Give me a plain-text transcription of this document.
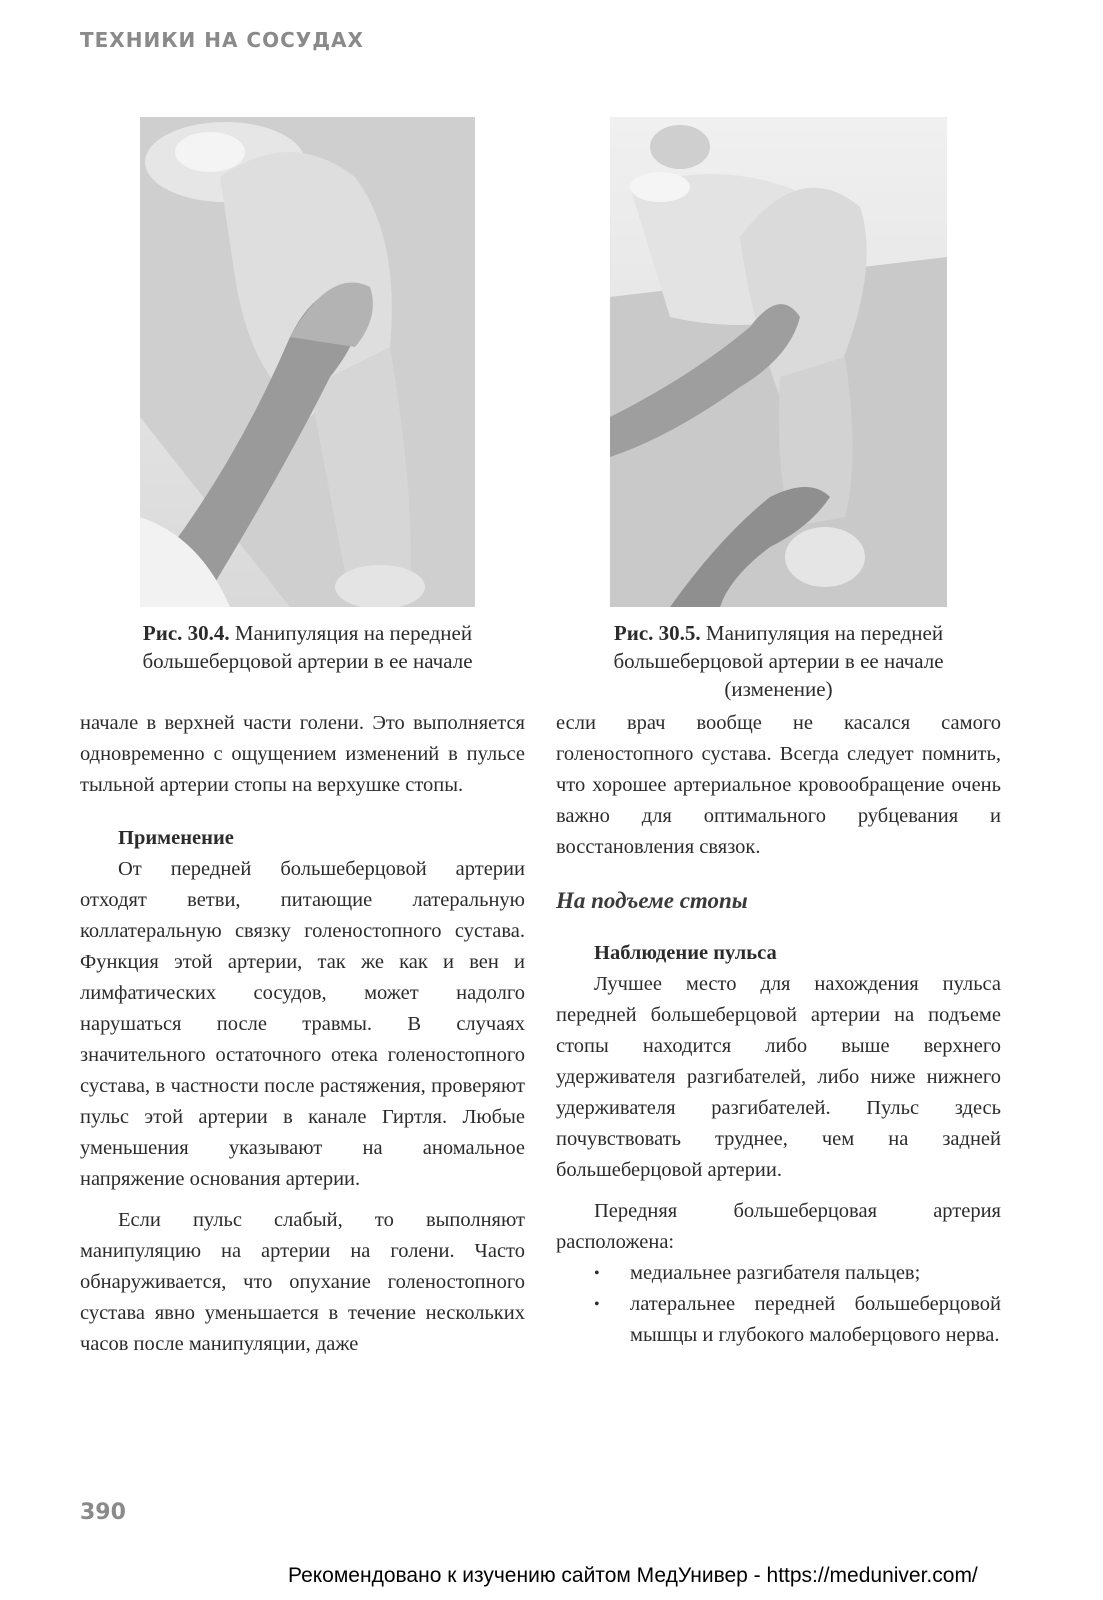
ТЕХНИКИ НА СОСУДАХ
Рис. 30.4. Манипуляция на передней большеберцовой артерии в ее начале
Рис. 30.5. Манипуляция на передней большеберцовой артерии в ее начале (изменение)

начале в верхней части голени. Это выполняется одновременно с ощущением изменений в пульсе тыльной артерии стопы на верхушке стопы.

Применение

От передней большеберцовой артерии отходят ветви, питающие латеральную коллатеральную связку голеностопного сустава. Функция этой артерии, так же как и вен и лимфатических сосудов, может надолго нарушаться после травмы. В случаях значительного остаточного отека голеностопного сустава, в частности после растяжения, проверяют пульс этой артерии в канале Гиртля. Любые уменьшения указывают на аномальное напряжение основания артерии.

Если пульс слабый, то выполняют манипуляцию на артерии на голени. Часто обнаруживается, что опухание голеностопного сустава явно уменьшается в течение нескольких часов после манипуляции, даже

если врач вообще не касался самого голеностопного сустава. Всегда следует помнить, что хорошее артериальное кровообращение очень важно для оптимального рубцевания и восстановления связок.

На подъеме стопы

Наблюдение пульса

Лучшее место для нахождения пульса передней большеберцовой артерии на подъеме стопы находится либо выше верхнего удерживателя разгибателей, либо ниже нижнего удерживателя разгибателей. Пульс здесь почувствовать труднее, чем на задней большеберцовой артерии.

Передняя большеберцовая артерия расположена:

• медиальнее разгибателя пальцев;
• латеральнее передней большеберцовой мышцы и глубокого малоберцового нерва.
390
Рекомендовано к изучению сайтом МедУнивер - https://meduniver.com/
